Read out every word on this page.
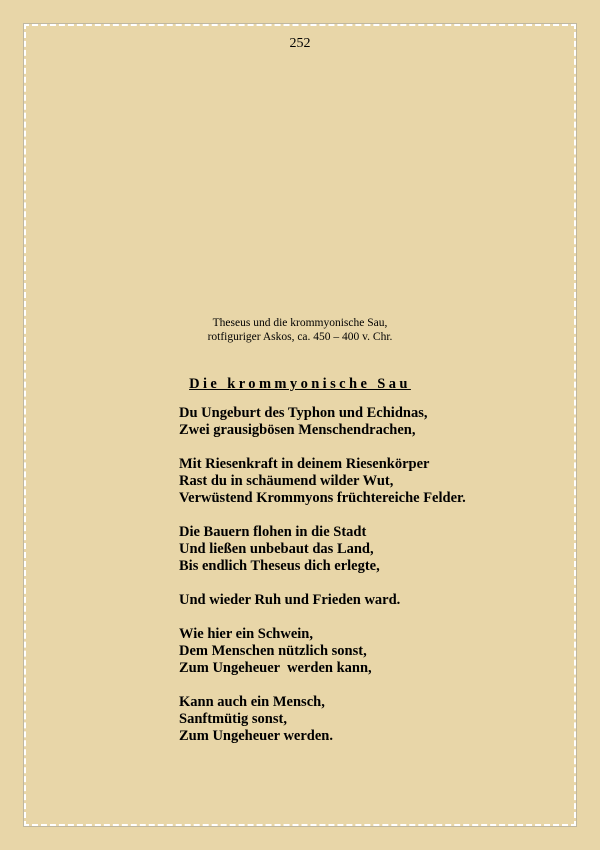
252
Theseus und die krommyonische Sau,
rotfiguriger Askos, ca. 450 – 400 v. Chr.
Die krommyonische Sau
Du Ungeburt des Typhon und Echidnas,
Zwei grausigbösen Menschendrachen,
Mit Riesenkraft in deinem Riesenkörper
Rast du in schäumend wilder Wut,
Verwüstend Krommyons früchtereiche Felder.
Die Bauern flohen in die Stadt
Und ließen unbebaut das Land,
Bis endlich Theseus dich erlegte,
Und wieder Ruh und Frieden ward.
Wie hier ein Schwein,
Dem Menschen nützlich sonst,
Zum Ungeheuer  werden kann,
Kann auch ein Mensch,
Sanftmütig sonst,
Zum Ungeheuer werden.
